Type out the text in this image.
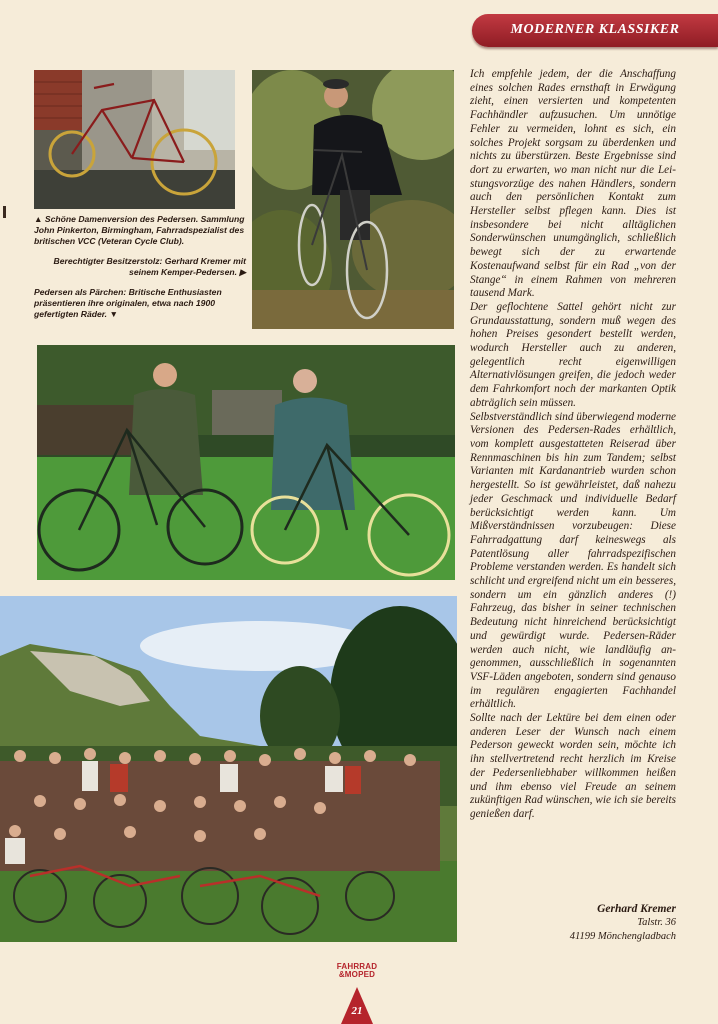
MODERNER KLASSIKER

▲ Schöne Damenversion des Pedersen. Sammlung John Pinkerton, Birmingham, Fahrradspezialist des britischen VCC (Veteran Cycle Club).

Berechtigter Besitzerstolz: Gerhard Kremer mit seinem Kemper-Pedersen. ▶

Pedersen als Pärchen: Britische Enthusiasten präsentieren ihre originalen, etwa nach 1900 gefertigten Räder. ▼

Ich empfehle jedem, der die Anschaffung eines solchen Rades ernsthaft in Erwägung zieht, einen versierten und kompetenten Fachhändler aufzusuchen. Um unnötige Fehler zu vermeiden, lohnt es sich, ein solches Projekt sorgsam zu überdenken und nichts zu überstürzen. Beste Ergebnisse sind dort zu erwarten, wo man nicht nur die Leistungsvorzüge des nahen Händlers, sondern auch den persönlichen Kontakt zum Hersteller selbst pflegen kann. Dies ist insbesondere bei nicht alltäglichen Sonderwünschen unumgänglich, schließlich bewegt sich der zu erwartende Kostenaufwand selbst für ein Rad „von der Stange“ in einem Rahmen von mehreren tausend Mark.

Der geflochtene Sattel gehört nicht zur Grundausstattung, sondern muß wegen des hohen Preises gesondert bestellt werden, wodurch Hersteller auch zu anderen, gelegentlich recht eigenwilligen Alternativlösungen greifen, die jedoch weder dem Fahrkomfort noch der markanten Optik abträglich sein müssen.

Selbstverständlich sind überwiegend moderne Versionen des Pedersen-Rades erhältlich, vom komplett ausgestatteten Reiserad über Rennmaschinen bis hin zum Tandem; selbst Varianten mit Kardanantrieb wurden schon hergestellt. So ist gewährleistet, daß nahezu jeder Geschmack und individuelle Bedarf berücksichtigt werden kann. Um Mißverständnissen vorzubeugen: Diese Fahrradgattung darf keineswegs als Patentlösung aller fahrradspezifischen Probleme verstanden werden. Es handelt sich schlicht und ergreifend nicht um ein besseres, sondern um ein gänzlich anderes (!) Fahrzeug, das bisher in seiner technischen Bedeutung nicht hinreichend berücksichtigt und gewürdigt wurde. Pedersen-Räder werden auch nicht, wie landläufig angenommen, ausschließlich in sogenannten VSF-Läden angeboten, sondern sind genauso im regulären engagierten Fachhandel erhältlich.

Sollte nach der Lektüre bei dem einen oder anderen Leser der Wunsch nach einem Pederson geweckt worden sein, möchte ich ihn stellvertretend recht herzlich im Kreise der Pedersenliebhaber willkommen heißen und ihm ebenso viel Freude an seinem zukünftigen Rad wünschen, wie ich sie bereits genießen darf.

Gerhard Kremer
Talstr. 36
41199 Mönchengladbach
FAHRRAD
&MOPED
21
